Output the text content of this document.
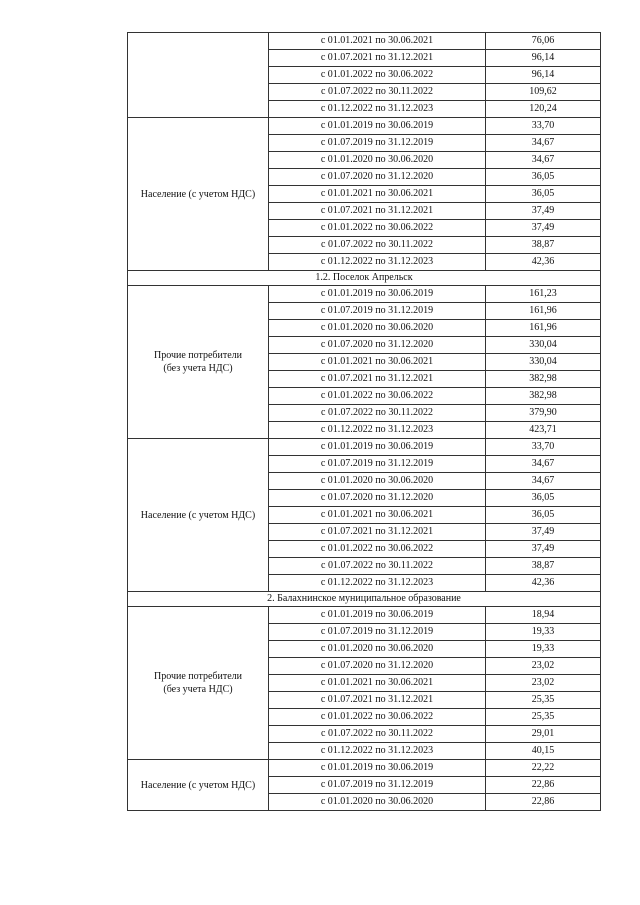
	с 01.01.2021 по 30.06.2021	76,06
	с 01.07.2021 по 31.12.2021	96,14
	с 01.01.2022 по 30.06.2022	96,14
	с 01.07.2022 по 30.11.2022	109,62
	с 01.12.2022 по 31.12.2023	120,24
Население (с учетом НДС)	с 01.01.2019 по 30.06.2019	33,70
	с 01.07.2019 по 31.12.2019	34,67
	с 01.01.2020 по 30.06.2020	34,67
	с 01.07.2020 по 31.12.2020	36,05
	с 01.01.2021 по 30.06.2021	36,05
	с 01.07.2021 по 31.12.2021	37,49
	с 01.01.2022 по 30.06.2022	37,49
	с 01.07.2022 по 30.11.2022	38,87
	с 01.12.2022 по 31.12.2023	42,36
1.2. Поселок Апрельск		
Прочие потребители
(без учета НДС)	с 01.01.2019 по 30.06.2019	161,23
	с 01.07.2019 по 31.12.2019	161,96
	с 01.01.2020 по 30.06.2020	161,96
	с 01.07.2020 по 31.12.2020	330,04
	с 01.01.2021 по 30.06.2021	330,04
	с 01.07.2021 по 31.12.2021	382,98
	с 01.01.2022 по 30.06.2022	382,98
	с 01.07.2022 по 30.11.2022	379,90
	с 01.12.2022 по 31.12.2023	423,71
Население (с учетом НДС)	с 01.01.2019 по 30.06.2019	33,70
	с 01.07.2019 по 31.12.2019	34,67
	с 01.01.2020 по 30.06.2020	34,67
	с 01.07.2020 по 31.12.2020	36,05
	с 01.01.2021 по 30.06.2021	36,05
	с 01.07.2021 по 31.12.2021	37,49
	с 01.01.2022 по 30.06.2022	37,49
	с 01.07.2022 по 30.11.2022	38,87
	с 01.12.2022 по 31.12.2023	42,36
2. Балахнинское муниципальное образование		
Прочие потребители
(без учета НДС)	с 01.01.2019 по 30.06.2019	18,94
	с 01.07.2019 по 31.12.2019	19,33
	с 01.01.2020 по 30.06.2020	19,33
	с 01.07.2020 по 31.12.2020	23,02
	с 01.01.2021 по 30.06.2021	23,02
	с 01.07.2021 по 31.12.2021	25,35
	с 01.01.2022 по 30.06.2022	25,35
	с 01.07.2022 по 30.11.2022	29,01
	с 01.12.2022 по 31.12.2023	40,15
Население (с учетом НДС)	с 01.01.2019 по 30.06.2019	22,22
	с 01.07.2019 по 31.12.2019	22,86
	с 01.01.2020 по 30.06.2020	22,86
